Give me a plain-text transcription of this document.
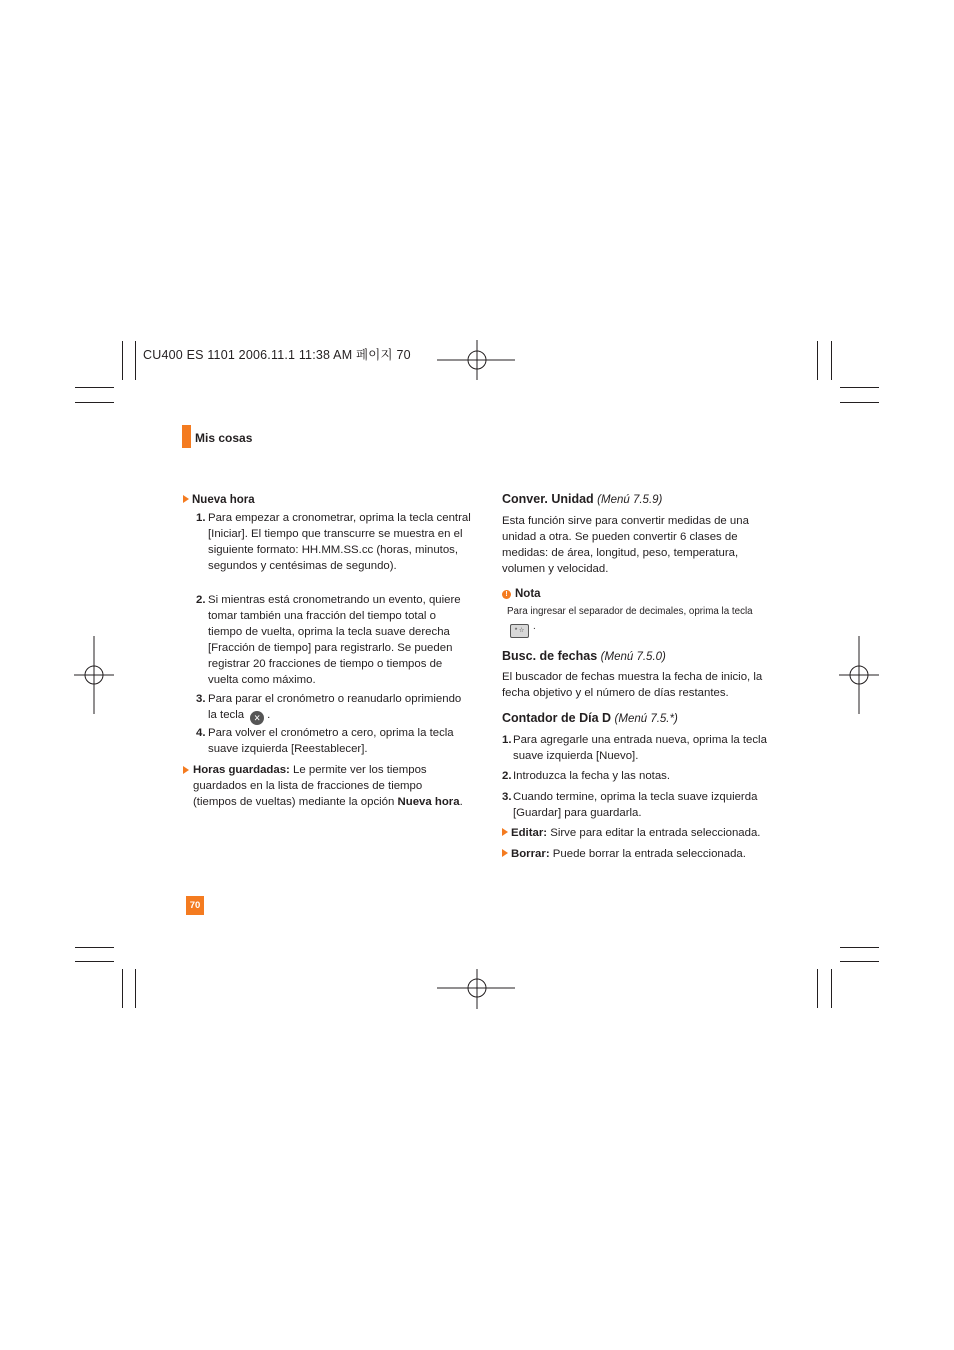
CU400 ES 1101 2006.11.1 11:38 AM 페이지 70
Mis cosas
Nueva hora
1. Para empezar a cronometrar, oprima la tecla central [Iniciar]. El tiempo que transcurre se muestra en el siguiente formato: HH.MM.SS.cc (horas, minutos, segundos y centésimas de segundo).
2. Si mientras está cronometrando un evento, quiere tomar también una fracción del tiempo total o tiempo de vuelta, oprima la tecla suave derecha [Fracción de tiempo] para registrarlo. Se pueden registrar 20 fracciones de tiempo o tiempos de vuelta como máximo.
3. Para parar el cronómetro o reanudarlo oprimiendo la tecla ✕ .
4. Para volver el cronómetro a cero, oprima la tecla suave izquierda [Reestablecer].
Horas guardadas: Le permite ver los tiempos guardados en la lista de fracciones de tiempo (tiempos de vueltas) mediante la opción Nueva hora.
Conver. Unidad (Menú 7.5.9)
Esta función sirve para convertir medidas de una unidad a otra. Se pueden convertir 6 clases de medidas: de área, longitud, peso, temperatura, volumen y velocidad.
! Nota
Para ingresar el separador de decimales, oprima la tecla
* ☆ .
Busc. de fechas (Menú 7.5.0)
El buscador de fechas muestra la fecha de inicio, la fecha objetivo y el número de días restantes.
Contador de Día D (Menú 7.5.*)
1. Para agregarle una entrada nueva, oprima la tecla suave izquierda [Nuevo].
2. Introduzca la fecha y las notas.
3. Cuando termine, oprima la tecla suave izquierda [Guardar] para guardarla.
Editar: Sirve para editar la entrada seleccionada.
Borrar: Puede borrar la entrada seleccionada.
70
